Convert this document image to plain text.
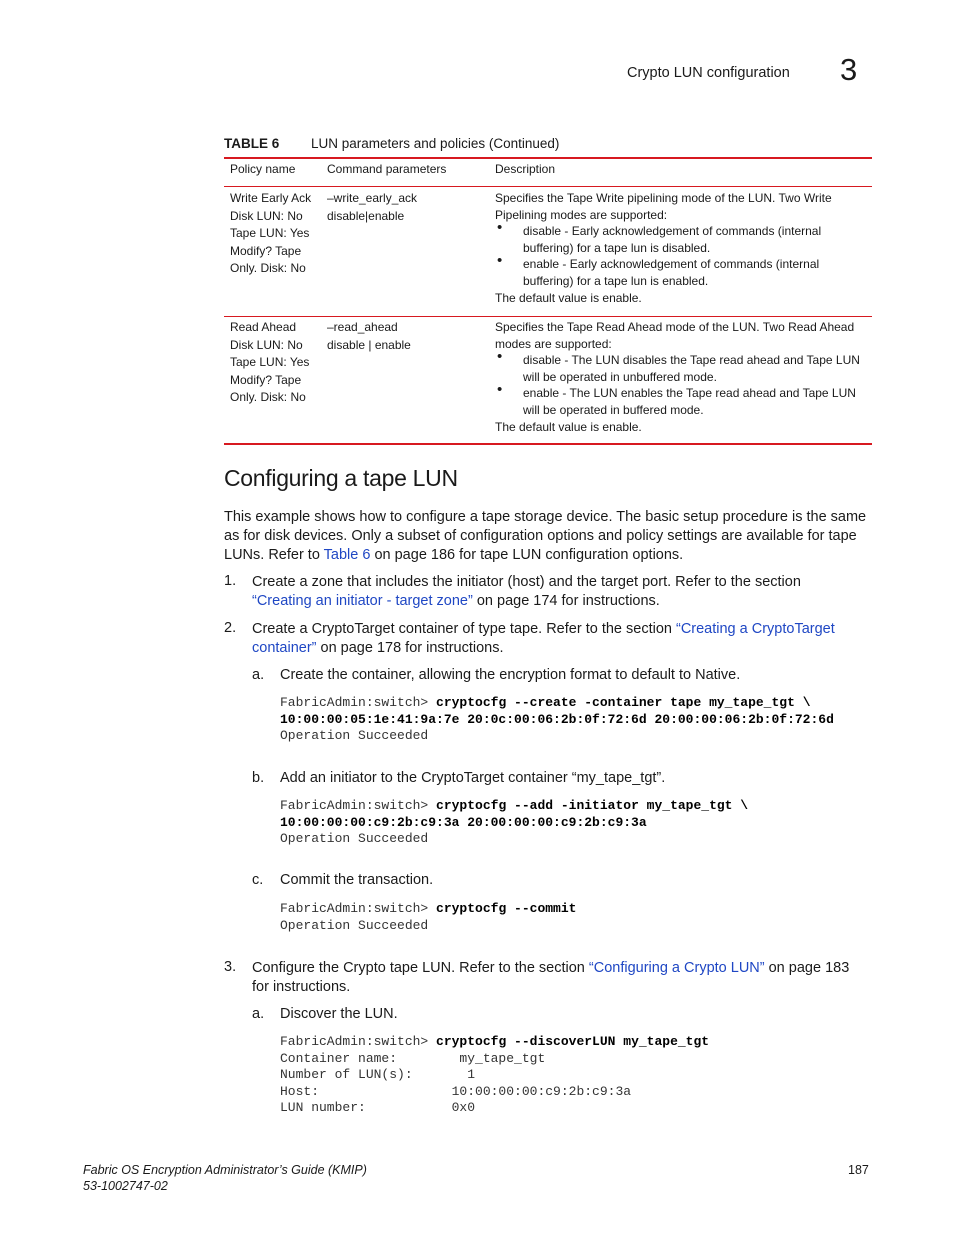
Crypto LUN configuration 3
TABLE 6 LUN parameters and policies (Continued)
Policy name	Command parameters	Description
Write Early Ack
Disk LUN: No
Tape LUN: Yes
Modify? Tape
Only. Disk: No
–write_early_ack
disable|enable
Specifies the Tape Write pipelining mode of the LUN. Two Write Pipelining modes are supported:
• disable - Early acknowledgement of commands (internal buffering) for a tape lun is disabled.
• enable - Early acknowledgement of commands (internal buffering) for a tape lun is enabled.
The default value is enable.
Read Ahead
Disk LUN: No
Tape LUN: Yes
Modify? Tape
Only. Disk: No
–read_ahead
disable | enable
Specifies the Tape Read Ahead mode of the LUN. Two Read Ahead modes are supported:
• disable - The LUN disables the Tape read ahead and Tape LUN will be operated in unbuffered mode.
• enable - The LUN enables the Tape read ahead and Tape LUN will be operated in buffered mode.
The default value is enable.
Configuring a tape LUN
This example shows how to configure a tape storage device. The basic setup procedure is the same as for disk devices. Only a subset of configuration options and policy settings are available for tape LUNs. Refer to Table 6 on page 186 for tape LUN configuration options.
1. Create a zone that includes the initiator (host) and the target port. Refer to the section “Creating an initiator - target zone” on page 174 for instructions.
2. Create a CryptoTarget container of type tape. Refer to the section “Creating a CryptoTarget container” on page 178 for instructions.
a. Create the container, allowing the encryption format to default to Native.
FabricAdmin:switch> cryptocfg --create -container tape my_tape_tgt \
10:00:00:05:1e:41:9a:7e 20:0c:00:06:2b:0f:72:6d 20:00:00:06:2b:0f:72:6d
Operation Succeeded
b. Add an initiator to the CryptoTarget container “my_tape_tgt”.
FabricAdmin:switch> cryptocfg --add -initiator my_tape_tgt \
10:00:00:00:c9:2b:c9:3a 20:00:00:00:c9:2b:c9:3a
Operation Succeeded
c. Commit the transaction.
FabricAdmin:switch> cryptocfg --commit
Operation Succeeded
3. Configure the Crypto tape LUN. Refer to the section “Configuring a Crypto LUN” on page 183 for instructions.
a. Discover the LUN.
FabricAdmin:switch> cryptocfg --discoverLUN my_tape_tgt
Container name:        my_tape_tgt
Number of LUN(s):       1
Host:                 10:00:00:00:c9:2b:c9:3a
LUN number:           0x0
Fabric OS Encryption Administrator’s Guide (KMIP)
53-1002747-02
187
